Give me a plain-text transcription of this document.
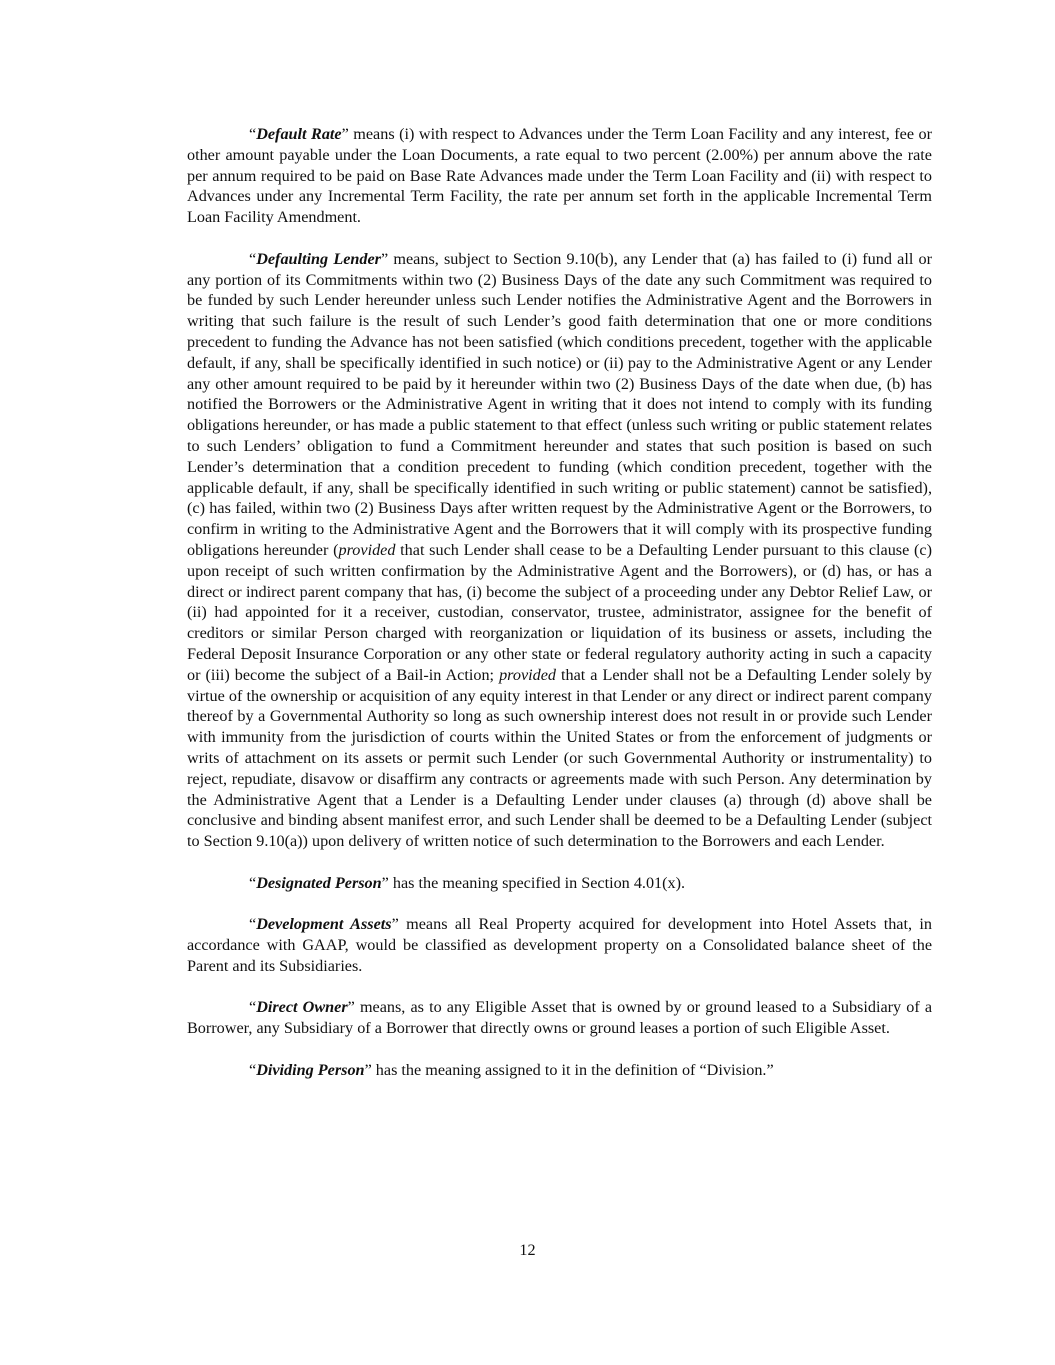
“Default Rate” means (i) with respect to Advances under the Term Loan Facility and any interest, fee or other amount payable under the Loan Documents, a rate equal to two percent (2.00%) per annum above the rate per annum required to be paid on Base Rate Advances made under the Term Loan Facility and (ii) with respect to Advances under any Incremental Term Facility, the rate per annum set forth in the applicable Incremental Term Loan Facility Amendment.

“Defaulting Lender” means, subject to Section 9.10(b), any Lender that (a) has failed to (i) fund all or any portion of its Commitments within two (2) Business Days of the date any such Commitment was required to be funded by such Lender hereunder unless such Lender notifies the Administrative Agent and the Borrowers in writing that such failure is the result of such Lender’s good faith determination that one or more conditions precedent to funding the Advance has not been satisfied (which conditions precedent, together with the applicable default, if any, shall be specifically identified in such notice) or (ii) pay to the Administrative Agent or any Lender any other amount required to be paid by it hereunder within two (2) Business Days of the date when due, (b) has notified the Borrowers or the Administrative Agent in writing that it does not intend to comply with its funding obligations hereunder, or has made a public statement to that effect (unless such writing or public statement relates to such Lenders’ obligation to fund a Commitment hereunder and states that such position is based on such Lender’s determination that a condition precedent to funding (which condition precedent, together with the applicable default, if any, shall be specifically identified in such writing or public statement) cannot be satisfied), (c) has failed, within two (2) Business Days after written request by the Administrative Agent or the Borrowers, to confirm in writing to the Administrative Agent and the Borrowers that it will comply with its prospective funding obligations hereunder (provided that such Lender shall cease to be a Defaulting Lender pursuant to this clause (c) upon receipt of such written confirmation by the Administrative Agent and the Borrowers), or (d) has, or has a direct or indirect parent company that has, (i) become the subject of a proceeding under any Debtor Relief Law, or (ii) had appointed for it a receiver, custodian, conservator, trustee, administrator, assignee for the benefit of creditors or similar Person charged with reorganization or liquidation of its business or assets, including the Federal Deposit Insurance Corporation or any other state or federal regulatory authority acting in such a capacity or (iii) become the subject of a Bail-in Action; provided that a Lender shall not be a Defaulting Lender solely by virtue of the ownership or acquisition of any equity interest in that Lender or any direct or indirect parent company thereof by a Governmental Authority so long as such ownership interest does not result in or provide such Lender with immunity from the jurisdiction of courts within the United States or from the enforcement of judgments or writs of attachment on its assets or permit such Lender (or such Governmental Authority or instrumentality) to reject, repudiate, disavow or disaffirm any contracts or agreements made with such Person. Any determination by the Administrative Agent that a Lender is a Defaulting Lender under clauses (a) through (d) above shall be conclusive and binding absent manifest error, and such Lender shall be deemed to be a Defaulting Lender (subject to Section 9.10(a)) upon delivery of written notice of such determination to the Borrowers and each Lender.

“Designated Person” has the meaning specified in Section 4.01(x).

“Development Assets” means all Real Property acquired for development into Hotel Assets that, in accordance with GAAP, would be classified as development property on a Consolidated balance sheet of the Parent and its Subsidiaries.

“Direct Owner” means, as to any Eligible Asset that is owned by or ground leased to a Subsidiary of a Borrower, any Subsidiary of a Borrower that directly owns or ground leases a portion of such Eligible Asset.

“Dividing Person” has the meaning assigned to it in the definition of “Division.”

12
